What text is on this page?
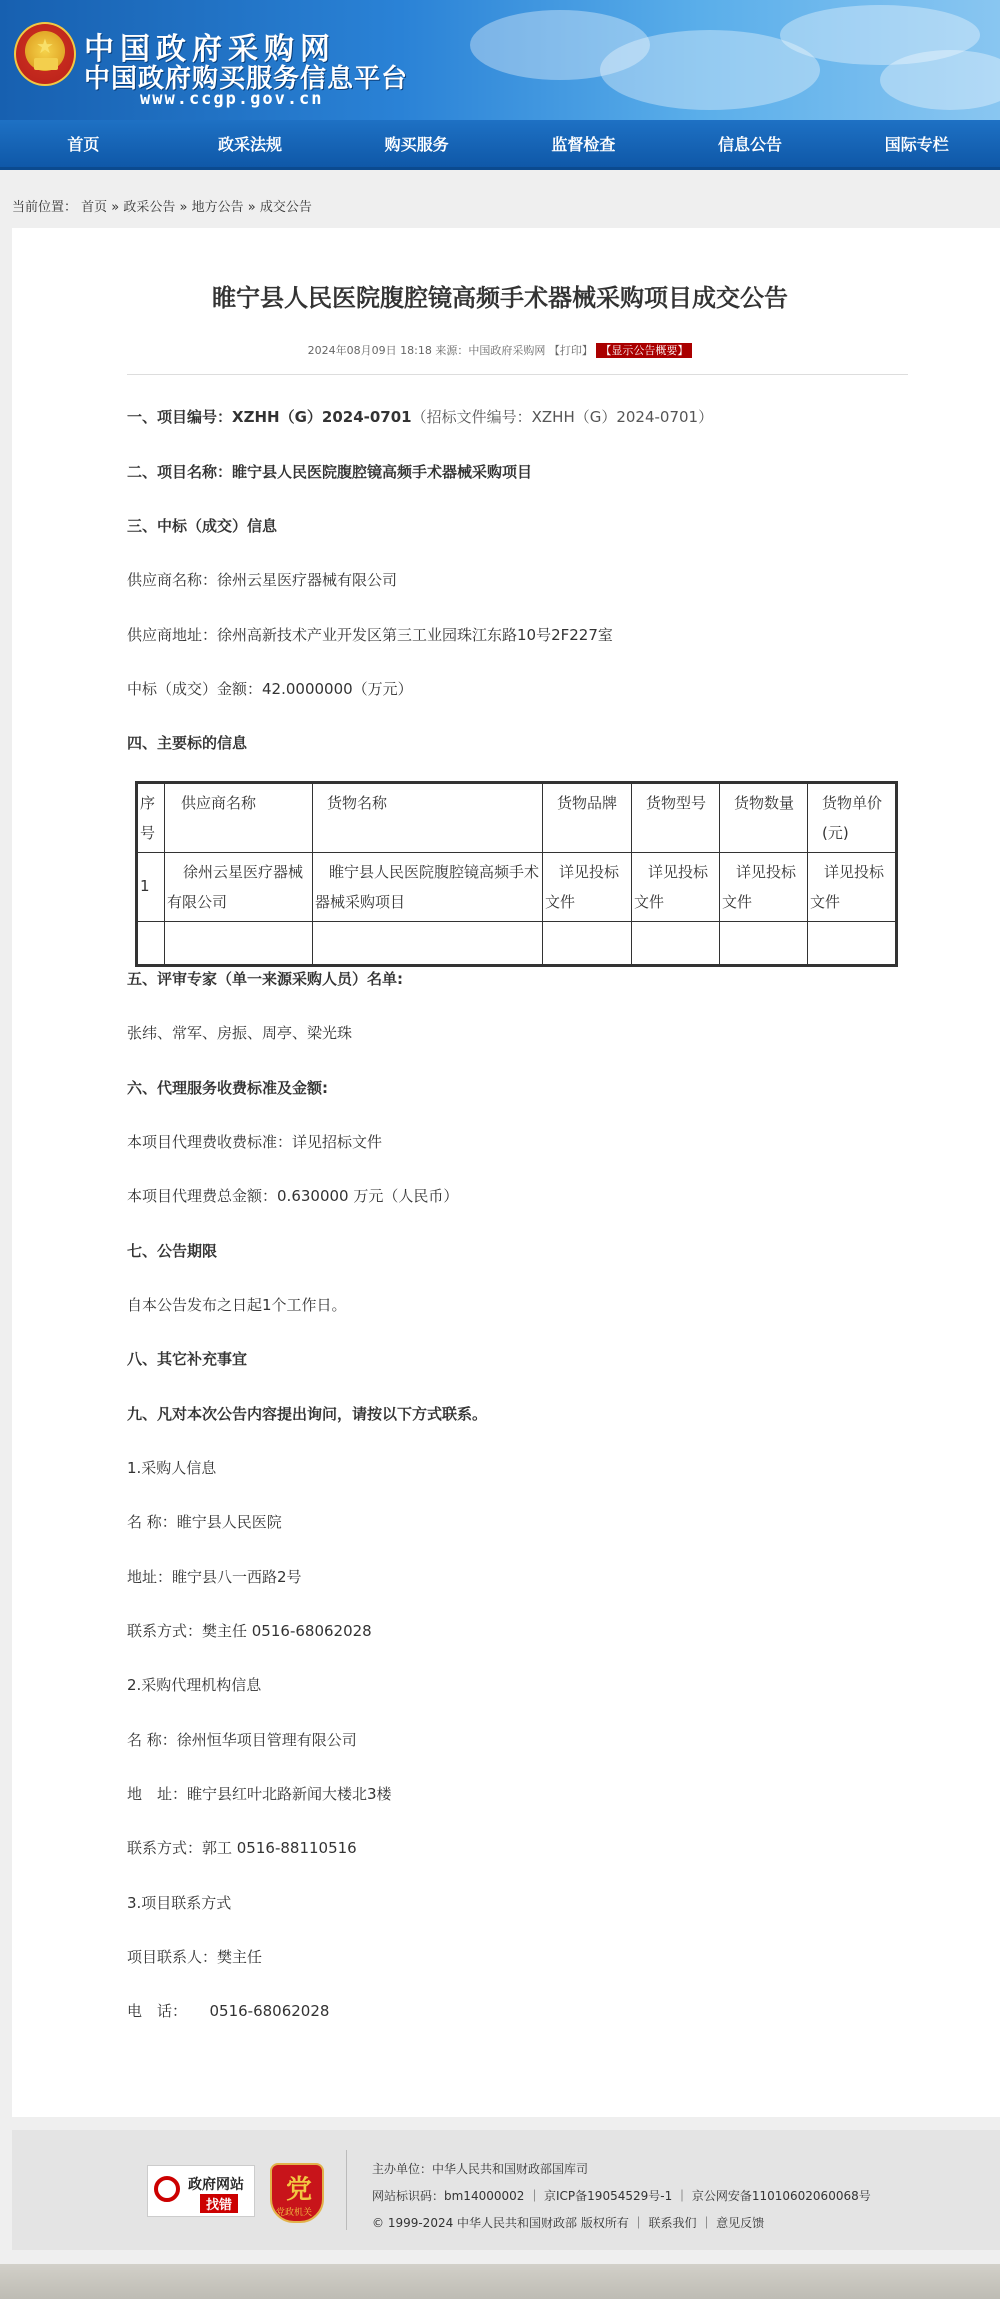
★ 中国政府采购网
中国政府购买服务信息平台
www.ccgp.gov.cn
首页	政采法规	购买服务	监督检查	信息公告	国际专栏
当前位置： 首页 » 政采公告 » 地方公告 » 成交公告
睢宁县人民医院腹腔镜高频手术器械采购项目成交公告
2024年08月09日 18:18 来源：中国政府采购网 【打印】 【显示公告概要】
一、项目编号：XZHH（G）2024-0701（招标文件编号：XZHH（G）2024-0701）
二、项目名称：睢宁县人民医院腹腔镜高频手术器械采购项目
三、中标（成交）信息
供应商名称：徐州云星医疗器械有限公司
供应商地址：徐州高新技术产业开发区第三工业园珠江东路10号2F227室
中标（成交）金额：42.0000000（万元）
四、主要标的信息
序号	供应商名称	货物名称	货物品牌	货物型号	货物数量	货物单价(元)
1	徐州云星医疗器械有限公司	睢宁县人民医院腹腔镜高频手术器械采购项目	详见投标文件	详见投标文件	详见投标文件	详见投标文件

五、评审专家（单一来源采购人员）名单:
张纬、常军、房振、周亭、梁光珠
六、代理服务收费标准及金额:
本项目代理费收费标准：详见招标文件
本项目代理费总金额：0.630000 万元（人民币）
七、公告期限
自本公告发布之日起1个工作日。
八、其它补充事宜
九、凡对本次公告内容提出询问，请按以下方式联系。
1.采购人信息
名 称：睢宁县人民医院
地址：睢宁县八一西路2号
联系方式：樊主任 0516-68062028
2.采购代理机构信息
名 称：徐州恒华项目管理有限公司
地　址：睢宁县红叶北路新闻大楼北3楼
联系方式：郭工 0516-88110516
3.项目联系方式
项目联系人：樊主任
电　话：　　0516-68062028
政府网站
找错
党
党政机关
主办单位：中华人民共和国财政部国库司
网站标识码：bm14000002 ｜ 京ICP备19054529号-1 ｜ 京公网安备11010602060068号
© 1999-2024 中华人民共和国财政部 版权所有 ｜ 联系我们 ｜ 意见反馈
